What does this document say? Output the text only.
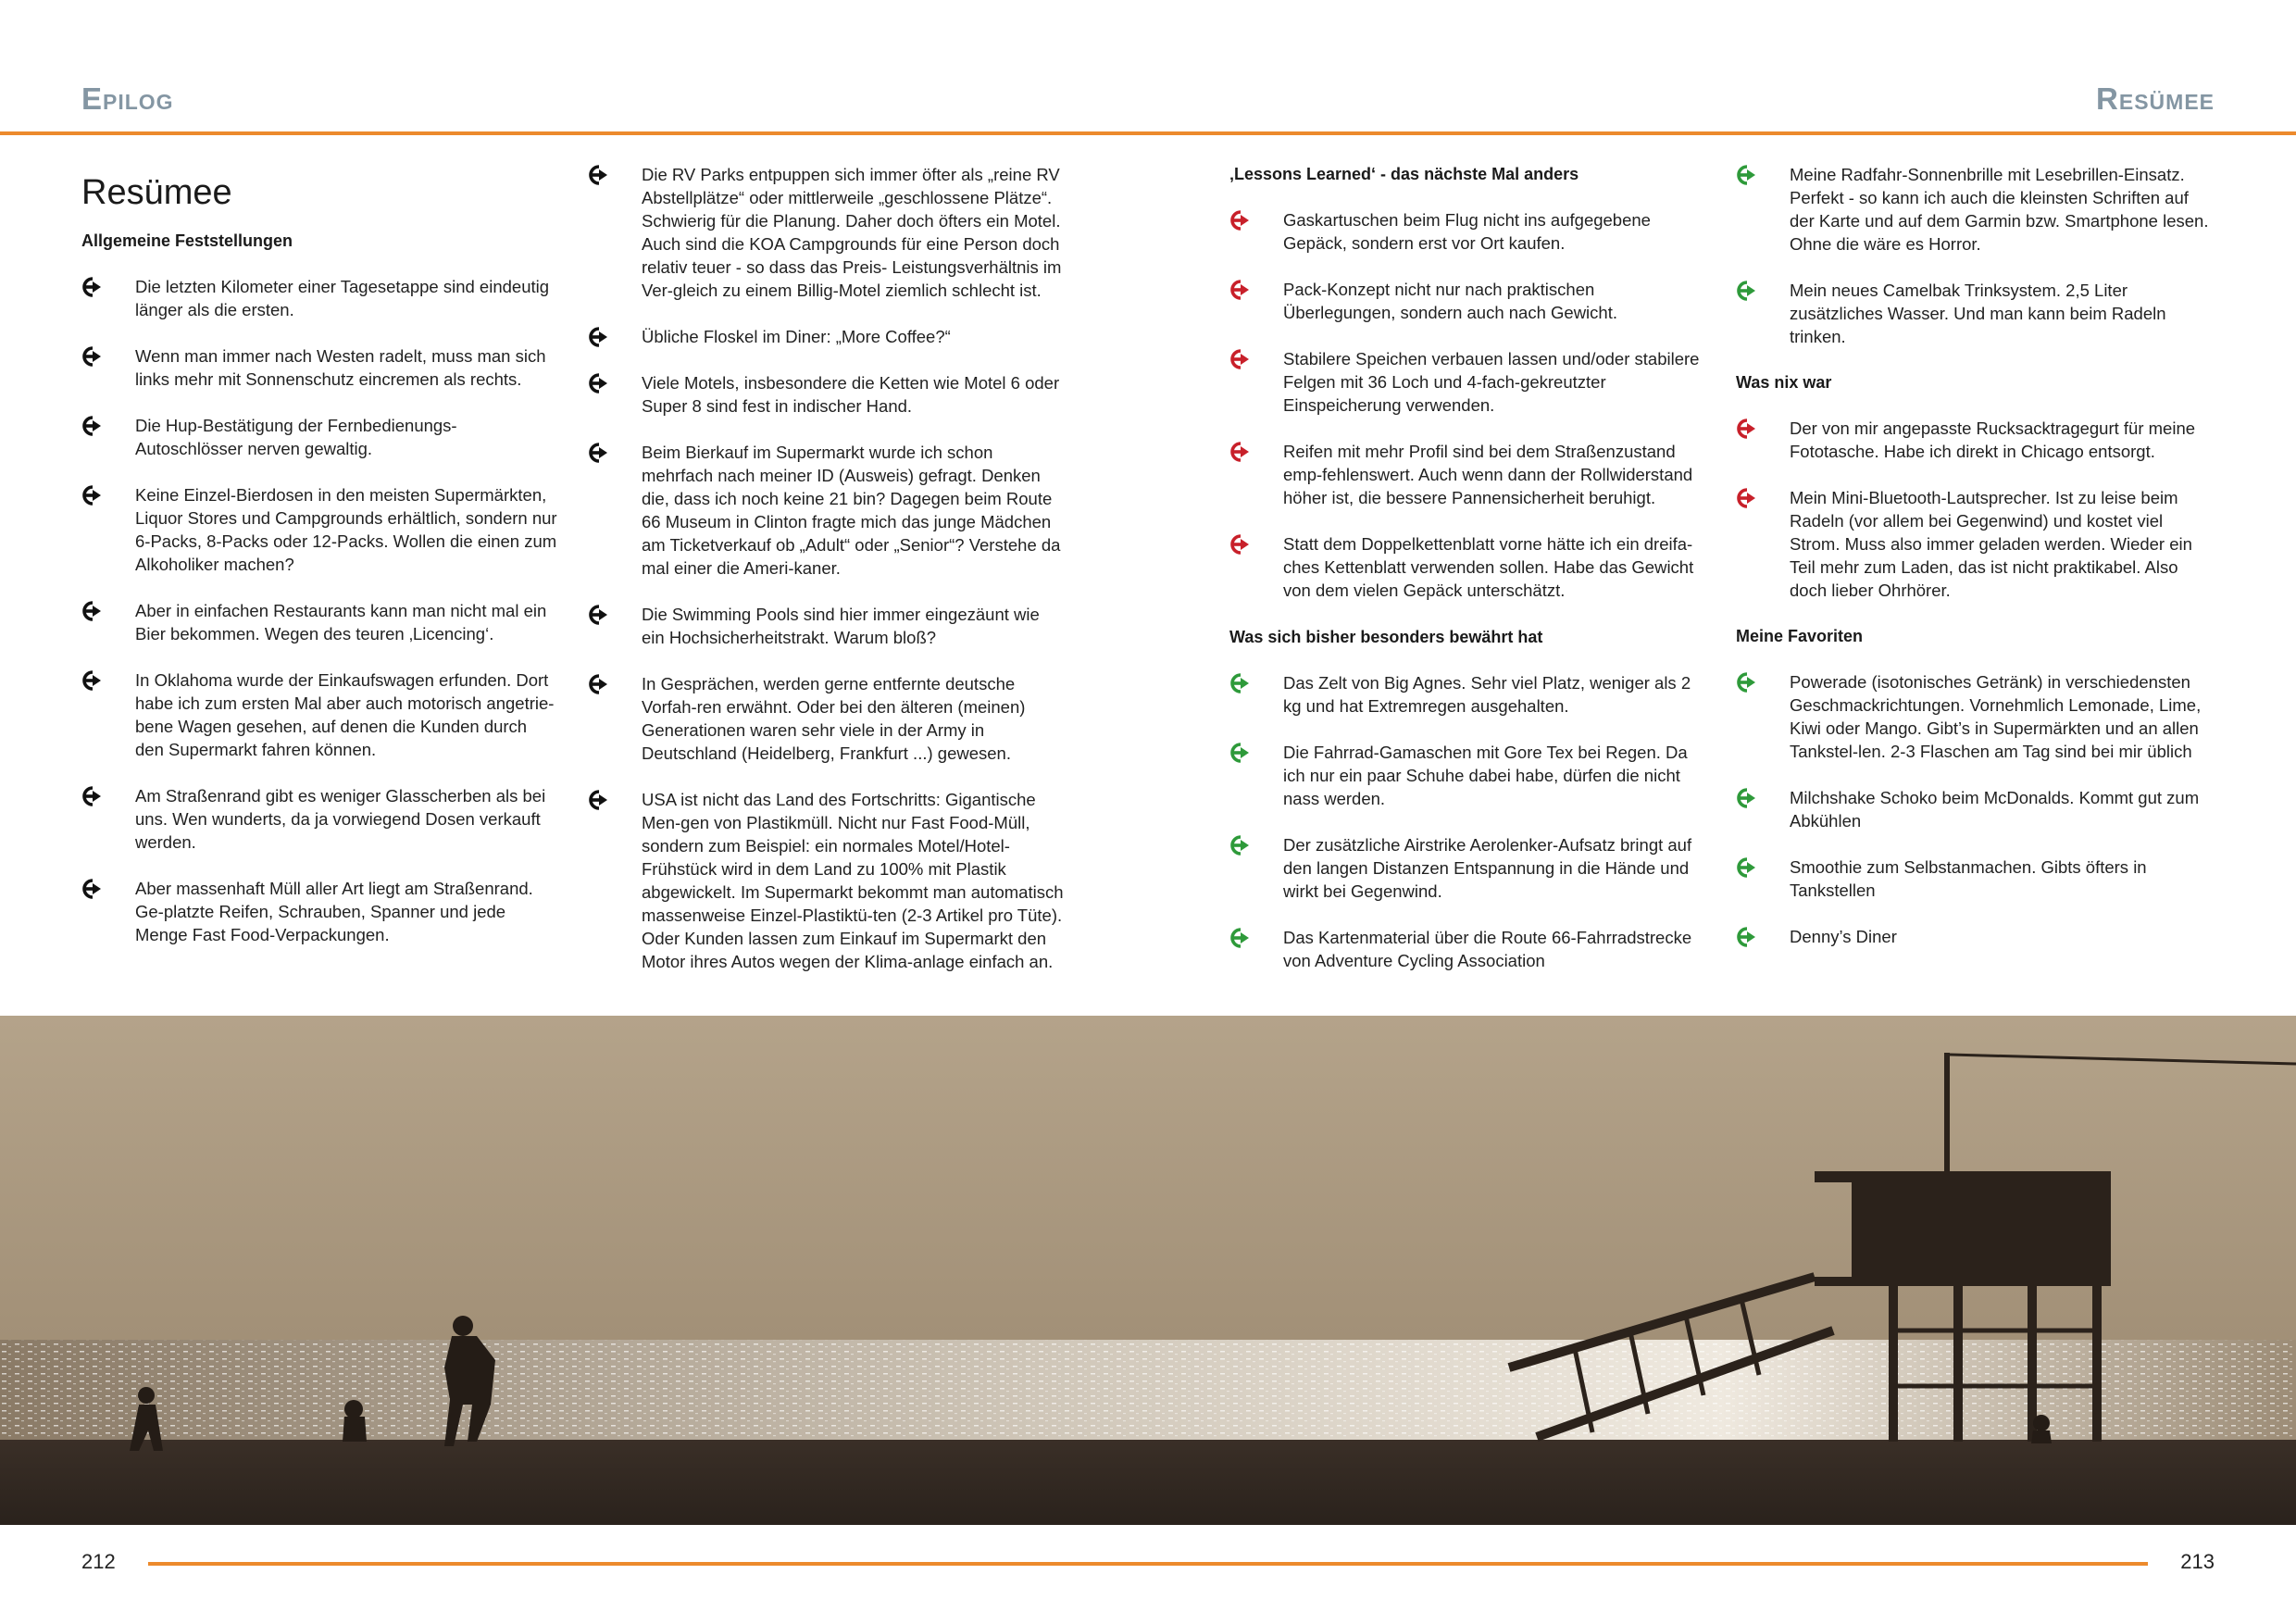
Epilog	Resümee
Resümee
Allgemeine Feststellungen
Die letzten Kilometer einer Tagesetappe sind eindeutig länger als die ersten.
Wenn man immer nach Westen radelt, muss man sich links mehr mit Sonnenschutz eincremen als rechts.
Die Hup-Bestätigung der Fernbedienungs-Autoschlösser nerven gewaltig.
Keine Einzel-Bierdosen in den meisten Supermärkten, Liquor Stores und Campgrounds erhältlich, sondern nur 6-Packs, 8-Packs oder 12-Packs. Wollen die einen zum Alkoholiker machen?
Aber in einfachen Restaurants kann man nicht mal ein Bier bekommen. Wegen des teuren ‚Licencing‘.
In Oklahoma wurde der Einkaufswagen erfunden. Dort habe ich zum ersten Mal aber auch motorisch angetrie-bene Wagen gesehen, auf denen die Kunden durch den Supermarkt fahren können.
Am Straßenrand gibt es weniger Glasscherben als bei uns. Wen wunderts, da ja vorwiegend Dosen verkauft werden.
Aber massenhaft Müll aller Art liegt am Straßenrand. Ge-platzte Reifen, Schrauben, Spanner und jede Menge Fast Food-Verpackungen.
Die RV Parks entpuppen sich immer öfter als „reine RV Abstellplätze“ oder mittlerweile „geschlossene Plätze“. Schwierig für die Planung. Daher doch öfters ein Motel. Auch sind die KOA Campgrounds für eine Person doch relativ teuer - so dass das Preis- Leistungsverhältnis im Ver-gleich zu einem Billig-Motel ziemlich schlecht ist.
Übliche Floskel im Diner: „More Coffee?“
Viele Motels, insbesondere die Ketten wie Motel 6 oder Super 8 sind fest in indischer Hand.
Beim Bierkauf im Supermarkt wurde ich schon mehrfach nach meiner ID (Ausweis) gefragt. Denken die, dass ich noch keine 21 bin? Dagegen beim Route 66 Museum in Clinton fragte mich das junge Mädchen am Ticketverkauf ob „Adult“ oder „Senior“? Verstehe da mal einer die Ameri-kaner.
Die Swimming Pools sind hier immer eingezäunt wie ein Hochsicherheitstrakt. Warum bloß?
In Gesprächen, werden gerne entfernte deutsche Vorfah-ren erwähnt. Oder bei den älteren (meinen) Generationen waren sehr viele in der Army in Deutschland (Heidelberg, Frankfurt ...) gewesen.
USA ist nicht das Land des Fortschritts: Gigantische Men-gen von Plastikmüll. Nicht nur Fast Food-Müll, sondern zum Beispiel: ein normales Motel/Hotel-Frühstück wird in dem Land zu 100% mit Plastik abgewickelt. Im Supermarkt bekommt man automatisch massenweise Einzel-Plastiktü-ten (2-3 Artikel pro Tüte). Oder Kunden lassen zum Einkauf im Supermarkt den Motor ihres Autos wegen der Klima-anlage einfach an.
‚Lessons Learned‘ - das nächste Mal anders
Gaskartuschen beim Flug nicht ins aufgegebene Gepäck, sondern erst vor Ort kaufen.
Pack-Konzept nicht nur nach praktischen Überlegungen, sondern auch nach Gewicht.
Stabilere Speichen verbauen lassen und/oder stabilere Felgen mit 36 Loch und 4-fach-gekreutzter Einspeicherung verwenden.
Reifen mit mehr Profil sind bei dem Straßenzustand emp-fehlenswert. Auch wenn dann der Rollwiderstand höher ist, die bessere Pannensicherheit beruhigt.
Statt dem Doppelkettenblatt vorne hätte ich ein dreifa-ches Kettenblatt verwenden sollen. Habe das Gewicht von dem vielen Gepäck unterschätzt.
Was sich bisher besonders bewährt hat
Das Zelt von Big Agnes. Sehr viel Platz, weniger als 2 kg und hat Extremregen ausgehalten.
Die Fahrrad-Gamaschen mit Gore Tex bei Regen. Da ich nur ein paar Schuhe dabei habe, dürfen die nicht nass werden.
Der zusätzliche Airstrike Aerolenker-Aufsatz bringt auf den langen Distanzen Entspannung in die Hände und wirkt bei Gegenwind.
Das Kartenmaterial über die Route 66-Fahrradstrecke von Adventure Cycling Association
Meine Radfahr-Sonnenbrille mit Lesebrillen-Einsatz. Perfekt - so kann ich auch die kleinsten Schriften auf der Karte und auf dem Garmin bzw. Smartphone lesen. Ohne die wäre es Horror.
Mein neues Camelbak Trinksystem. 2,5 Liter zusätzliches Wasser. Und man kann beim Radeln trinken.
Was nix war
Der von mir angepasste Rucksacktragegurt für meine Fototasche. Habe ich direkt in Chicago entsorgt.
Mein Mini-Bluetooth-Lautsprecher. Ist zu leise beim Radeln (vor allem bei Gegenwind) und kostet viel Strom. Muss also immer geladen werden. Wieder ein Teil mehr zum Laden, das ist nicht praktikabel. Also doch lieber Ohrhörer.
Meine Favoriten
Powerade (isotonisches Getränk) in verschiedensten Geschmackrichtungen. Vornehmlich Lemonade, Lime, Kiwi oder Mango. Gibt’s in Supermärkten und an allen Tankstel-len. 2-3 Flaschen am Tag sind bei mir üblich
Milchshake Schoko beim McDonalds. Kommt gut zum Abkühlen
Smoothie zum Selbstanmachen. Gibts öfters in Tankstellen
Denny’s Diner
212	213
